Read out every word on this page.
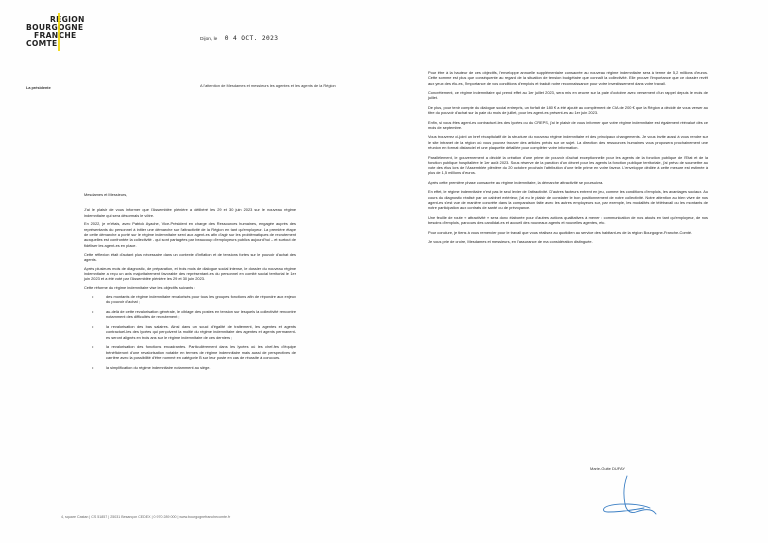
REGION
BOURGOGNE
FRANCHE
COMTE
La présidente
Dijon, le 0 4 OCT. 2023
A l'attention de Mesdames et messieurs les agentes et les agents de la Région

Mesdames et Messieurs,

J'ai le plaisir de vous informer que l'Assemblée plénière a délibéré les 29 et 30 juin 2023 sur le nouveau régime indemnitaire qui sera désormais le vôtre.

En 2022, je m'étais, avec Patrick Ayache, Vice-Président en charge des Ressources humaines, engagée auprès des représentants du personnel à initier une démarche sur l'attractivité de la Région en tant qu'employeur. La première étape de cette démarche a porté sur le régime indemnitaire servi aux agent-es afin d'agir sur les problématiques de recrutement auxquelles est confrontée la collectivité - qui sont partagées par beaucoup d'employeurs publics aujourd'hui – et surtout de fidéliser les agent-es en place.

Cette réflexion était d'autant plus nécessaire dans un contexte d'inflation et de tensions fortes sur le pouvoir d'achat des agents.

Après plusieurs mois de diagnostic, de préparation, et trois mois de dialogue social intense, le dossier du nouveau régime indemnitaire a reçu un avis majoritairement favorable des représentant-es du personnel en comité social territorial le 1er juin 2023 et a été voté par l'Assemblée plénière les 29 et 30 juin 2023.

Cette réforme du régime indemnitaire vise les objectifs suivants :

•	des montants de régime indemnitaire revalorisés pour tous les groupes fonctions afin de répondre aux enjeux du pouvoir d'achat ;
•	au-delà de cette revalorisation générale, le ciblage des postes en tension sur lesquels la collectivité rencontre notamment des difficultés de recrutement ;
•	la revalorisation des bas salaires. Ainsi dans un souci d'égalité de traitement, les agentes et agents contractuel-les des lycées qui perçoivent la moitié du régime indemnitaire des agentes et agents permanent-es seront alignés en trois ans sur le régime indemnitaire de ces derniers ;
•	la revalorisation des fonctions encadrantes. Particulièrement dans les lycées où les chef-fes d'équipe bénéficieront d'une revalorisation notable en termes de régime indemnitaire mais aussi de perspectives de carrière avec la possibilité d'être nommé en catégorie B sur leur poste en cas de réussite à concours.
•	la simplification du régime indemnitaire notamment au siège.
4, square Castan | CS 51857 | 25031 Besançon CEDEX | 0 970 289 000 | www.bourgognefranchecomte.fr

Pour être à la hauteur de ces objectifs, l'enveloppe annuelle supplémentaire consacrée au nouveau régime indemnitaire sera à terme de 5,2 millions d'euros. Cette somme est plus que conséquente au regard de la situation de tension budgétaire que connaît la collectivité. Elle prouve l'importance que ce dossier revêt aux yeux des élu-es, l'importance de vos conditions d'emplois et traduit notre reconnaissance pour votre investissement dans votre travail.

Concrètement, ce régime indemnitaire qui prend effet au 1er juillet 2023, sera mis en œuvre sur la paie d'octobre avec versement d'un rappel depuis le mois de juillet.

De plus, pour tenir compte du dialogue social entrepris, un forfait de 180 € a été ajouté au complément de CIA de 200 € que la Région a décidé de vous verser au titre du pouvoir d'achat sur la paie du mois de juillet, pour les agent-es présent-es au 1er juin 2023.

Enfin, si vous êtes agent-es contractuel-les des lycées ou du CREPS, j'ai le plaisir de vous informer que votre régime indemnitaire est également réévalué dès ce mois de septembre.

Vous trouverez ci-joint un bref récapitulatif de la structure du nouveau régime indemnitaire et des principaux changements. Je vous invite aussi à vous rendre sur le site intranet de la région où vous pouvez trouver des articles précis sur ce sujet. La direction des ressources humaines vous proposera prochainement une réunion en format distanciel et une plaquette détaillée pour compléter votre information.

Parallèlement, le gouvernement a décidé la création d'une prime de pouvoir d'achat exceptionnelle pour les agents de la fonction publique de l'Etat et de la fonction publique hospitalière le 1er août 2023. Sous réserve de la parution d'un décret pour les agents la fonction publique territoriale, j'ai prévu de soumettre au vote des élus lors de l'Assemblée plénière du 20 octobre prochain l'attribution d'une telle prime en votre faveur. L'enveloppe dédiée à cette mesure est estimée à plus de 1,5 millions d'euros.

Après cette première phase consacrée au régime indemnitaire, la démarche attractivité se poursuivra.

En effet, le régime indemnitaire n'est pas le seul levier de l'attractivité. D'autres facteurs entrent en jeu, comme les conditions d'emplois, les avantages sociaux. Au cours du diagnostic réalisé par un cabinet extérieur, j'ai eu le plaisir de constater le bon positionnement de notre collectivité. Notre attention au bien vivre de nos agent-es s'est vue de manière concrète dans la comparaison faite avec les autres employeurs sur, par exemple, les modalités de télétravail ou les montants de notre participation aux contrats de santé ou de prévoyance.

Une feuille de route « attractivité » sera donc élaborée pour d'autres actions qualitatives à mener : communication de nos atouts en tant qu'employeur, de nos besoins d'emplois, parcours des candidat-es et accueil des nouveaux agents et nouvelles agentes, etc.

Pour conclure, je tiens à vous remercier pour le travail que vous réalisez au quotidien au service des habitant-es de la région Bourgogne-Franche-Comté.

Je vous prie de croire, Mesdames et messieurs, en l'assurance de ma considération distinguée.

Marie-Guite DUFAY
